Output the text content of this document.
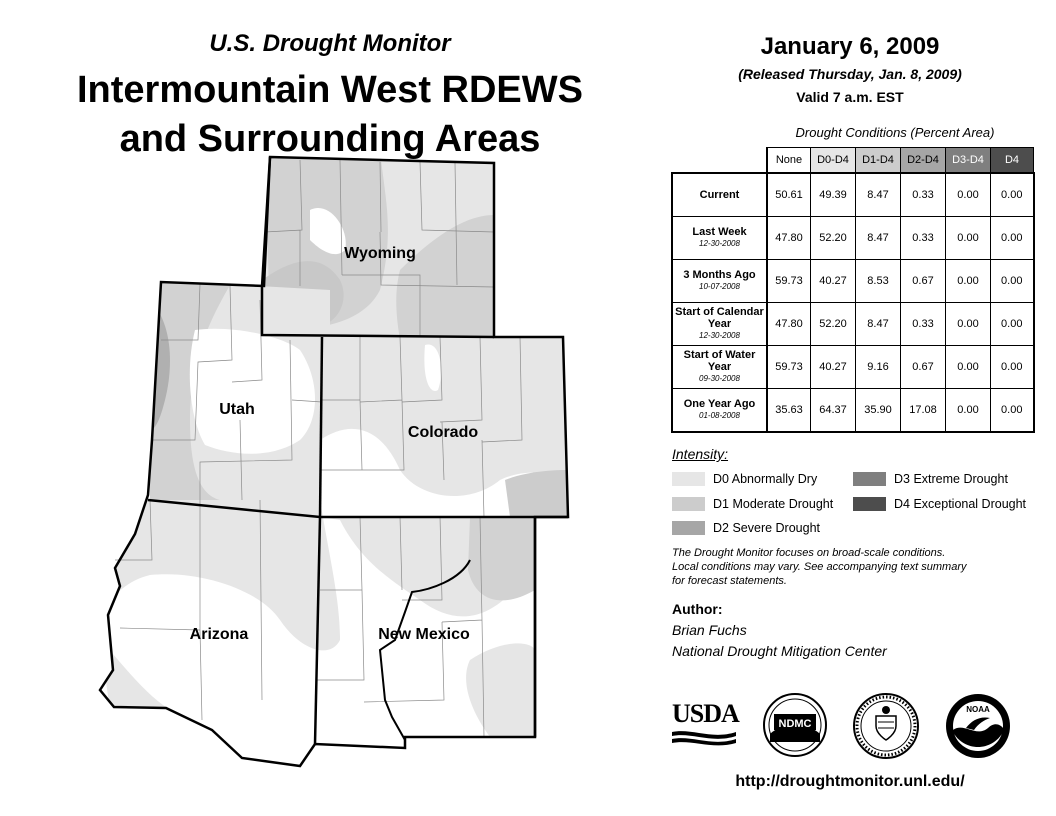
U.S. Drought Monitor
Intermountain West RDEWS
and Surrounding Areas
Wyoming
Utah
Colorado
Arizona	New Mexico
January 6, 2009
(Released Thursday, Jan. 8, 2009)
Valid 7 a.m. EST
Drought Conditions (Percent Area)
	None	D0-D4	D1-D4	D2-D4	D3-D4	D4
Current	50.61	49.39	8.47	0.33	0.00	0.00
Last Week
12-30-2008	47.80	52.20	8.47	0.33	0.00	0.00
3 Months Ago
10-07-2008	59.73	40.27	8.53	0.67	0.00	0.00
Start of Calendar Year
12-30-2008	47.80	52.20	8.47	0.33	0.00	0.00
Start of Water Year
09-30-2008	59.73	40.27	9.16	0.67	0.00	0.00
One Year Ago
01-08-2008	35.63	64.37	35.90	17.08	0.00	0.00
Intensity:
D0 Abnormally Dry	D3 Extreme Drought
D1 Moderate Drought	D4 Exceptional Drought
D2 Severe Drought
The Drought Monitor focuses on broad-scale conditions.
Local conditions may vary. See accompanying text summary
for forecast statements.
Author:
Brian Fuchs
National Drought Mitigation Center
USDA	NDMC
NOAA
http://droughtmonitor.unl.edu/
